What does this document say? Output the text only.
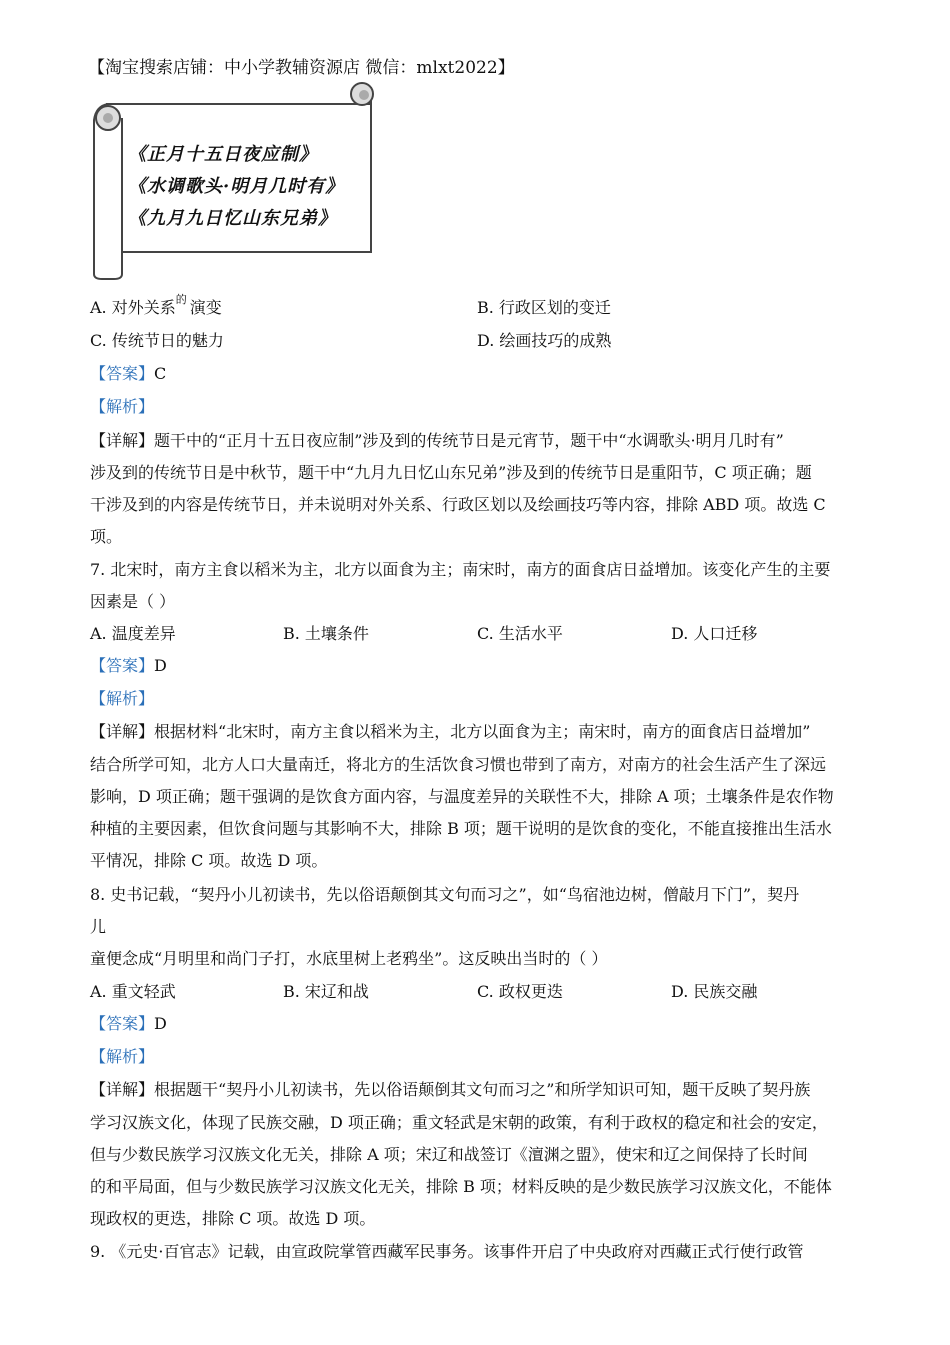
【淘宝搜索店铺：中小学教辅资源店 微信：mlxt2022】
《正月十五日夜应制》
《水调歌头·明月几时有》
《九月九日忆山东兄弟》
A. 对外关系 的 演变	B. 行政区划的变迁
C. 传统节日的魅力	D. 绘画技巧的成熟
【答案】C
【解析】
【详解】题干中的“正月十五日夜应制”涉及到的传统节日是元宵节，题干中“水调歌头·明月几时有”
涉及到的传统节日是中秋节，题干中“九月九日忆山东兄弟”涉及到的传统节日是重阳节，C 项正确；题
干涉及到的内容是传统节日，并未说明对外关系、行政区划以及绘画技巧等内容，排除 ABD 项。故选 C
项。
7. 北宋时，南方主食以稻米为主，北方以面食为主；南宋时，南方的面食店日益增加。该变化产生的主要
因素是（ ）
A. 温度差异	B. 土壤条件	C. 生活水平	D. 人口迁移
【答案】D
【解析】
【详解】根据材料“北宋时，南方主食以稻米为主，北方以面食为主；南宋时，南方的面食店日益增加”
结合所学可知，北方人口大量南迁，将北方的生活饮食习惯也带到了南方，对南方的社会生活产生了深远
影响，D 项正确；题干强调的是饮食方面内容，与温度差异的关联性不大，排除 A 项；土壤条件是农作物
种植的主要因素，但饮食问题与其影响不大，排除 B 项；题干说明的是饮食的变化，不能直接推出生活水
平情况，排除 C 项。故选 D 项。
8. 史书记载，“契丹小儿初读书，先以俗语颠倒其文句而习之”，如“鸟宿池边树，僧敲月下门”，契丹
儿
童便念成“月明里和尚门子打，水底里树上老鸦坐”。这反映出当时的（ ）
A. 重文轻武	B. 宋辽和战	C. 政权更迭	D. 民族交融
【答案】D
【解析】
【详解】根据题干“契丹小儿初读书，先以俗语颠倒其文句而习之”和所学知识可知，题干反映了契丹族
学习汉族文化，体现了民族交融，D 项正确；重文轻武是宋朝的政策，有利于政权的稳定和社会的安定，
但与少数民族学习汉族文化无关，排除 A 项；宋辽和战签订《澶渊之盟》，使宋和辽之间保持了长时间
的和平局面，但与少数民族学习汉族文化无关，排除 B 项；材料反映的是少数民族学习汉族文化，不能体
现政权的更迭，排除 C 项。故选 D 项。
9. 《元史·百官志》记载，由宣政院掌管西藏军民事务。该事件开启了中央政府对西藏正式行使行政管
